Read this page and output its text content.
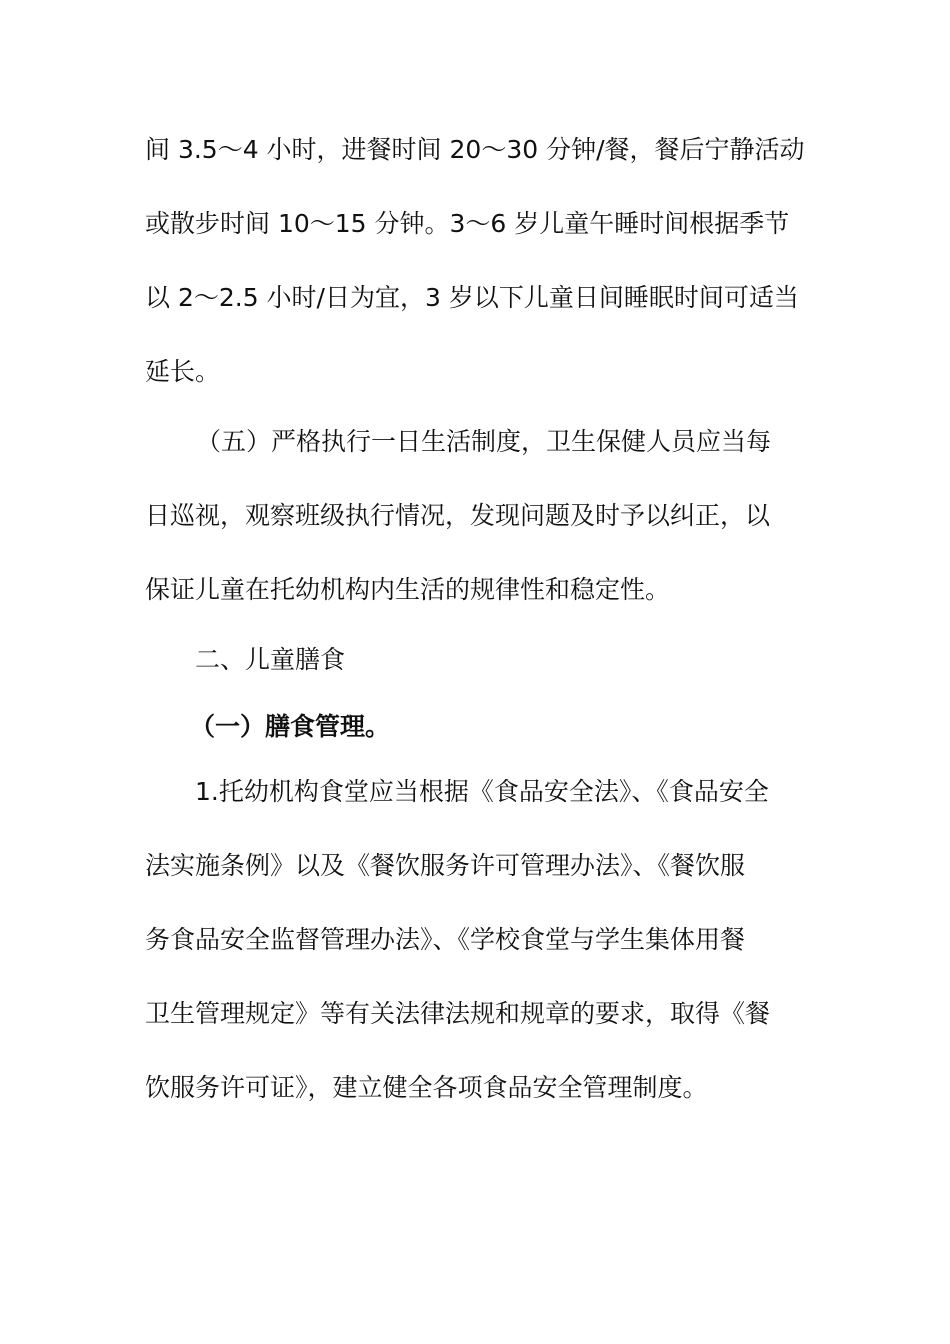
间 3.5～4 小时，进餐时间 20～30 分钟/餐，餐后宁静活动
或散步时间 10～15 分钟。3～6 岁儿童午睡时间根据季节
以 2～2.5 小时/日为宜，3 岁以下儿童日间睡眠时间可适当
延长。
（五）严格执行一日生活制度，卫生保健人员应当每
日巡视，观察班级执行情况，发现问题及时予以纠正，以
保证儿童在托幼机构内生活的规律性和稳定性。
二、儿童膳食
（一）膳食管理。
1.托幼机构食堂应当根据《食品安全法》、《食品安全
法实施条例》以及《餐饮服务许可管理办法》、《餐饮服
务食品安全监督管理办法》、《学校食堂与学生集体用餐
卫生管理规定》等有关法律法规和规章的要求，取得《餐
饮服务许可证》，建立健全各项食品安全管理制度。
